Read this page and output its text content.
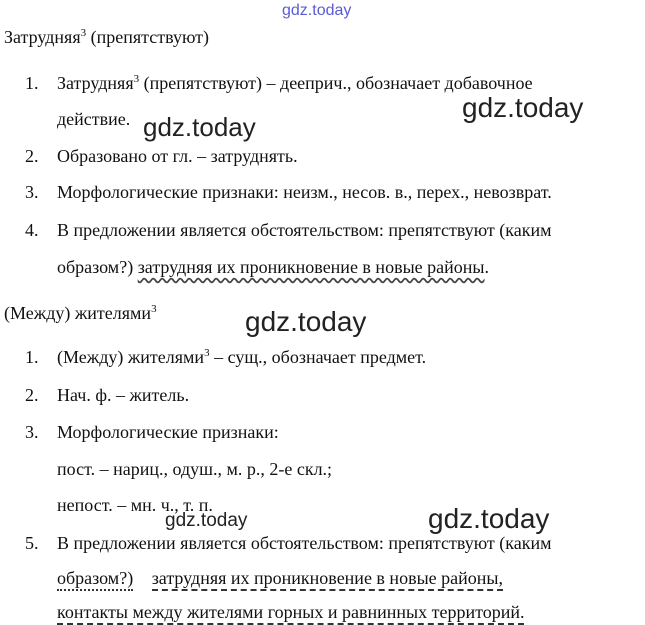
gdz.today
gdz.today
gdz.today
gdz.today
gdz.today	gdz.today
Затрудняя$^3$ (препятствуют)
1. Затрудняя$^3$ (препятствуют) – дееприч., обозначает добавочное
действие.
2. Образовано от гл. – затруднять.
3. Морфологические признаки: неизм., несов. в., перех., невозврат.
4. В предложении является обстоятельством: препятствуют (каким
образом?) затрудняя их проникновение в новые районы.
(Между) жителями$^3$
1. (Между) жителями$^3$ – сущ., обозначает предмет.
2. Нач. ф. – житель.
3. Морфологические признаки:
пост. – нариц., одуш., м. р., 2-е скл.;
непост. – мн. ч., т. п.
5. В предложении является обстоятельством: препятствуют (каким
образом?) затрудняя их проникновение в новые районы,
контакты между жителями горных и равнинных территорий.
